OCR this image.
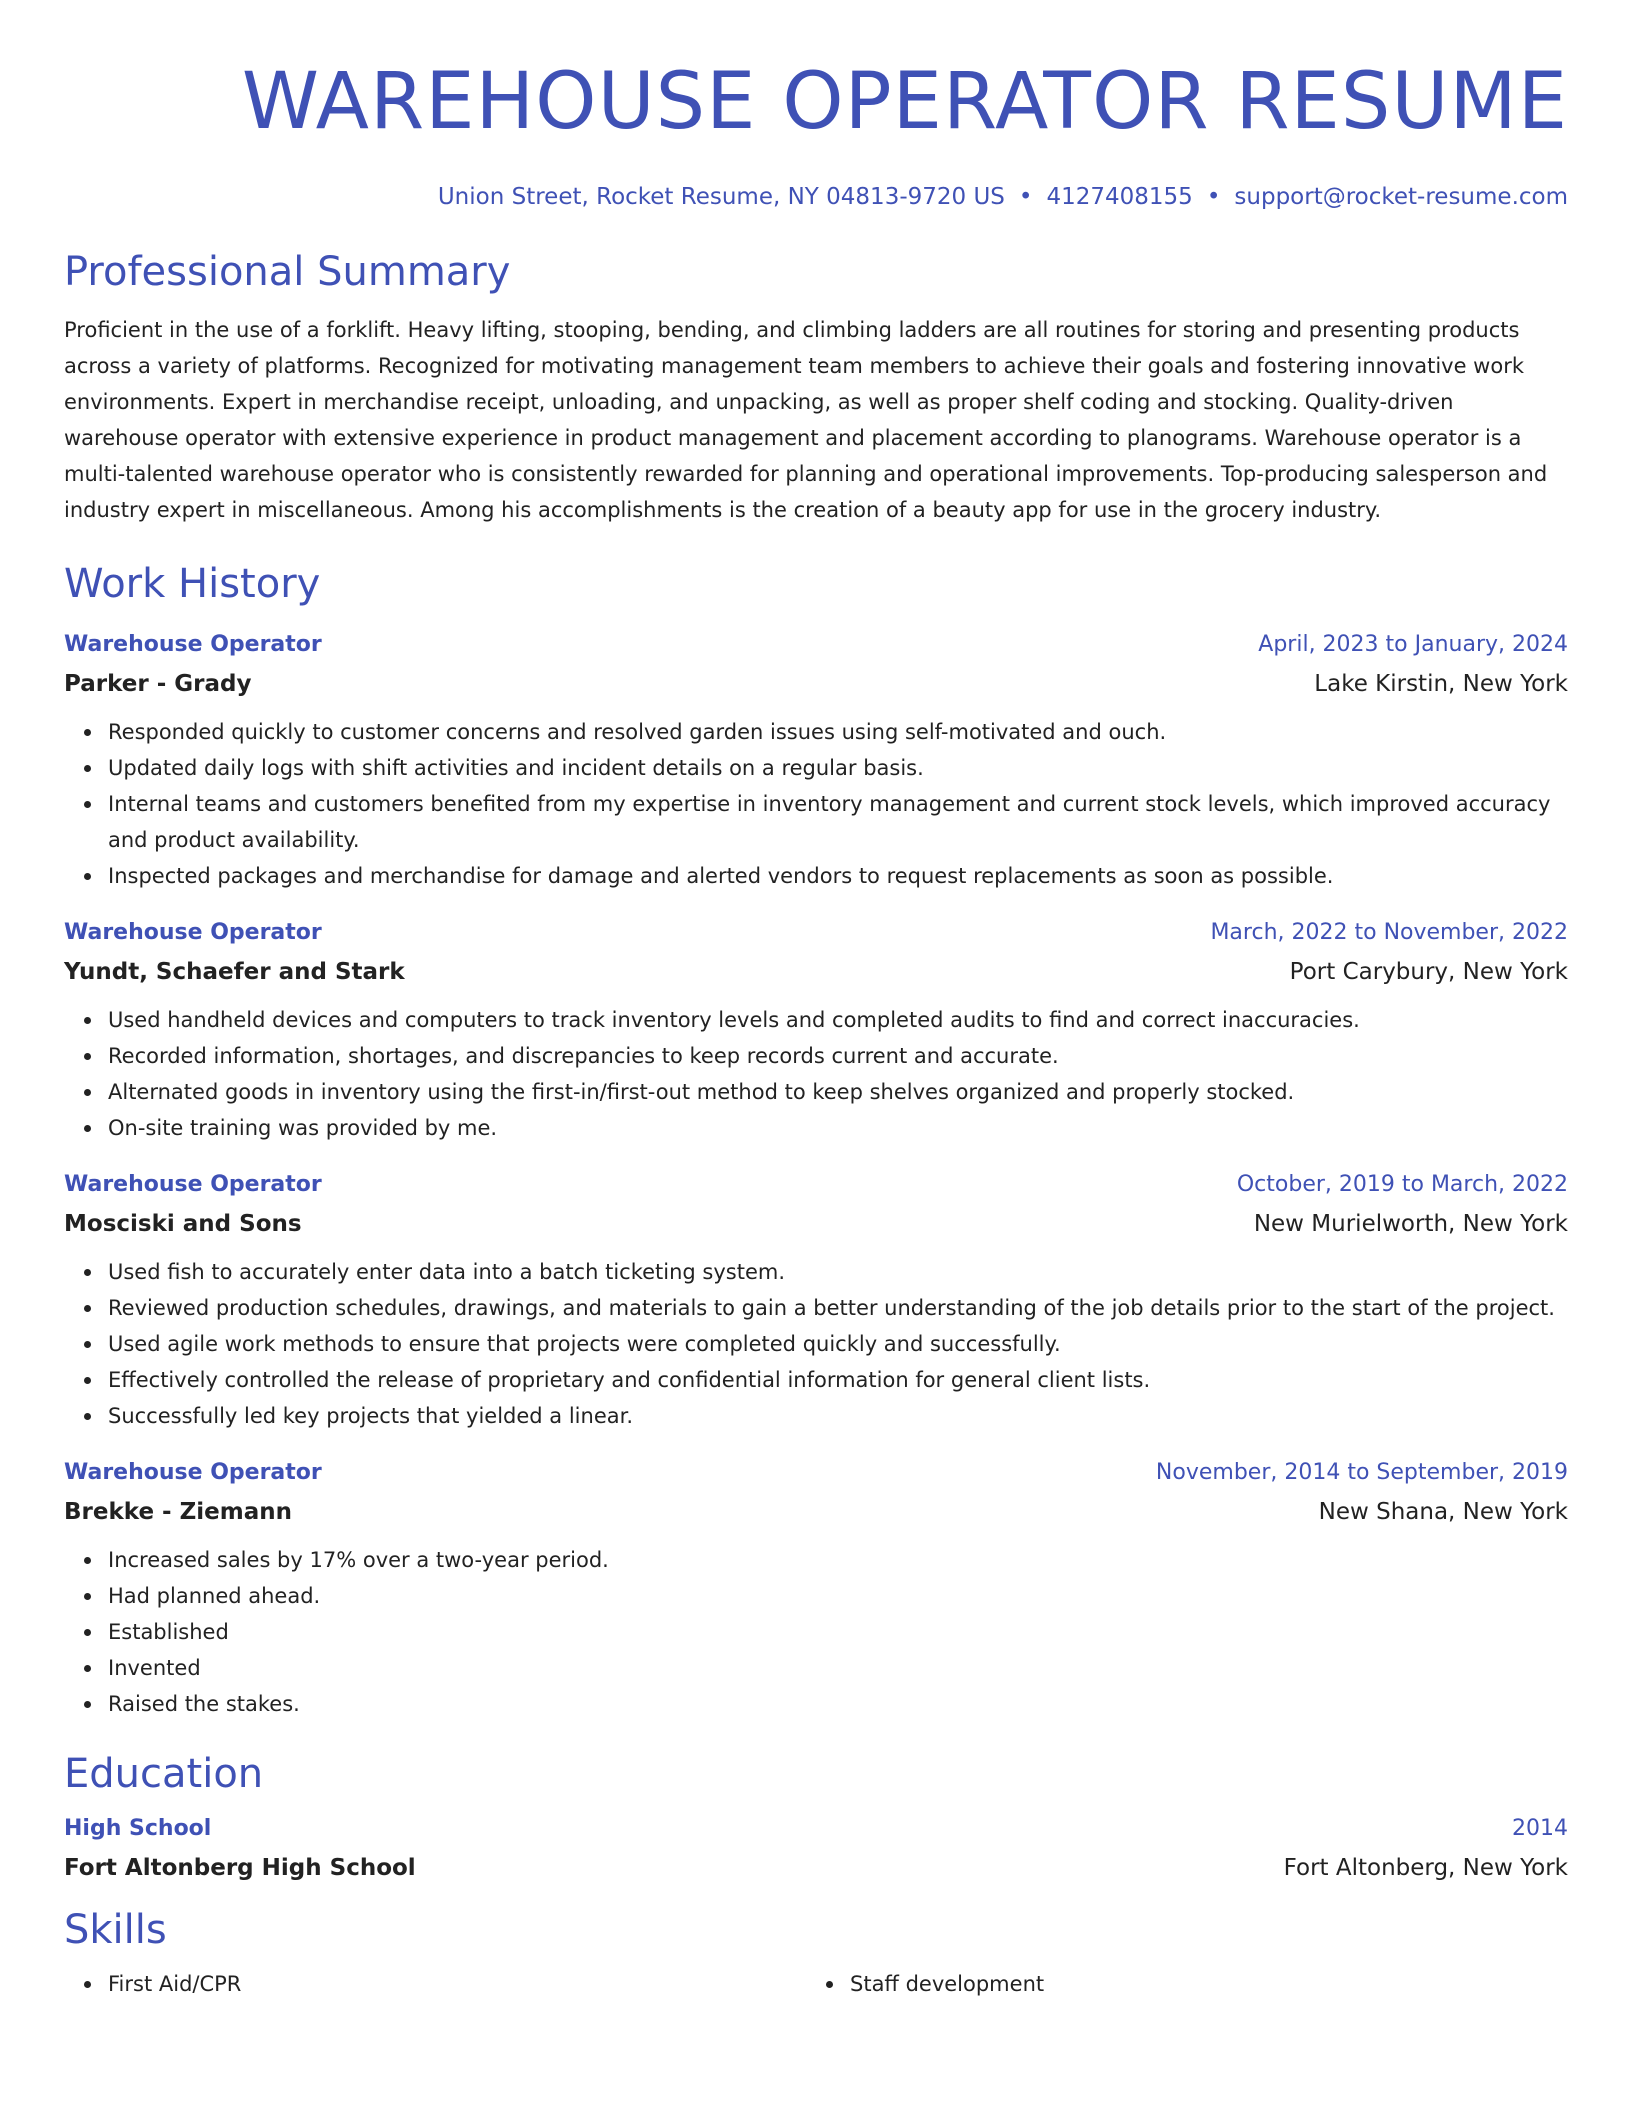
WAREHOUSE OPERATOR RESUME
Union Street, Rocket Resume, NY 04813-9720 US • 4127408155 • support@rocket-resume.com
Professional Summary
Proficient in the use of a forklift. Heavy lifting, stooping, bending, and climbing ladders are all routines for storing and presenting products across a variety of platforms. Recognized for motivating management team members to achieve their goals and fostering innovative work environments. Expert in merchandise receipt, unloading, and unpacking, as well as proper shelf coding and stocking. Quality-driven warehouse operator with extensive experience in product management and placement according to planograms. Warehouse operator is a multi-talented warehouse operator who is consistently rewarded for planning and operational improvements. Top-producing salesperson and industry expert in miscellaneous. Among his accomplishments is the creation of a beauty app for use in the grocery industry.
Work History
Warehouse Operator	April, 2023 to January, 2024
Parker - Grady	Lake Kirstin, New York
Responded quickly to customer concerns and resolved garden issues using self-motivated and ouch.
Updated daily logs with shift activities and incident details on a regular basis.
Internal teams and customers benefited from my expertise in inventory management and current stock levels, which improved accuracy and product availability.
Inspected packages and merchandise for damage and alerted vendors to request replacements as soon as possible.
Warehouse Operator	March, 2022 to November, 2022
Yundt, Schaefer and Stark	Port Carybury, New York
Used handheld devices and computers to track inventory levels and completed audits to find and correct inaccuracies.
Recorded information, shortages, and discrepancies to keep records current and accurate.
Alternated goods in inventory using the first-in/first-out method to keep shelves organized and properly stocked.
On-site training was provided by me.
Warehouse Operator	October, 2019 to March, 2022
Mosciski and Sons	New Murielworth, New York
Used fish to accurately enter data into a batch ticketing system.
Reviewed production schedules, drawings, and materials to gain a better understanding of the job details prior to the start of the project.
Used agile work methods to ensure that projects were completed quickly and successfully.
Effectively controlled the release of proprietary and confidential information for general client lists.
Successfully led key projects that yielded a linear.
Warehouse Operator	November, 2014 to September, 2019
Brekke - Ziemann	New Shana, New York
Increased sales by 17% over a two-year period.
Had planned ahead.
Established
Invented
Raised the stakes.
Education
High School	2014
Fort Altonberg High School	Fort Altonberg, New York
Skills
First Aid/CPR	Staff development
